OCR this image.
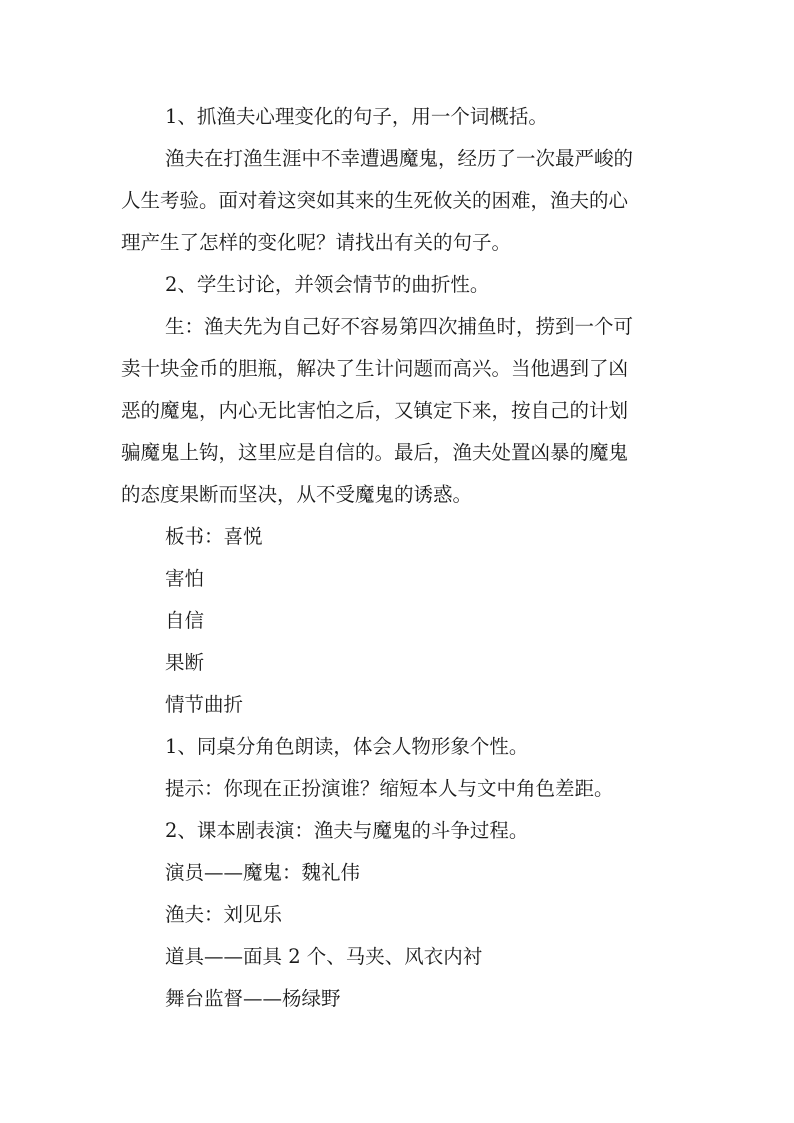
1、抓渔夫心理变化的句子，用一个词概括。

渔夫在打渔生涯中不幸遭遇魔鬼，经历了一次最严峻的
人生考验。面对着这突如其来的生死攸关的困难，渔夫的心
理产生了怎样的变化呢？请找出有关的句子。

2、学生讨论，并领会情节的曲折性。

生：渔夫先为自己好不容易第四次捕鱼时，捞到一个可
卖十块金币的胆瓶，解决了生计问题而高兴。当他遇到了凶
恶的魔鬼，内心无比害怕之后，又镇定下来，按自己的计划
骗魔鬼上钩，这里应是自信的。最后，渔夫处置凶暴的魔鬼
的态度果断而坚决，从不受魔鬼的诱惑。

板书：喜悦

害怕

自信

果断

情节曲折

1、同桌分角色朗读，体会人物形象个性。

提示：你现在正扮演谁？缩短本人与文中角色差距。

2、课本剧表演：渔夫与魔鬼的斗争过程。

演员——魔鬼：魏礼伟

渔夫：刘见乐

道具——面具 2 个、马夹、风衣内衬

舞台监督——杨绿野
